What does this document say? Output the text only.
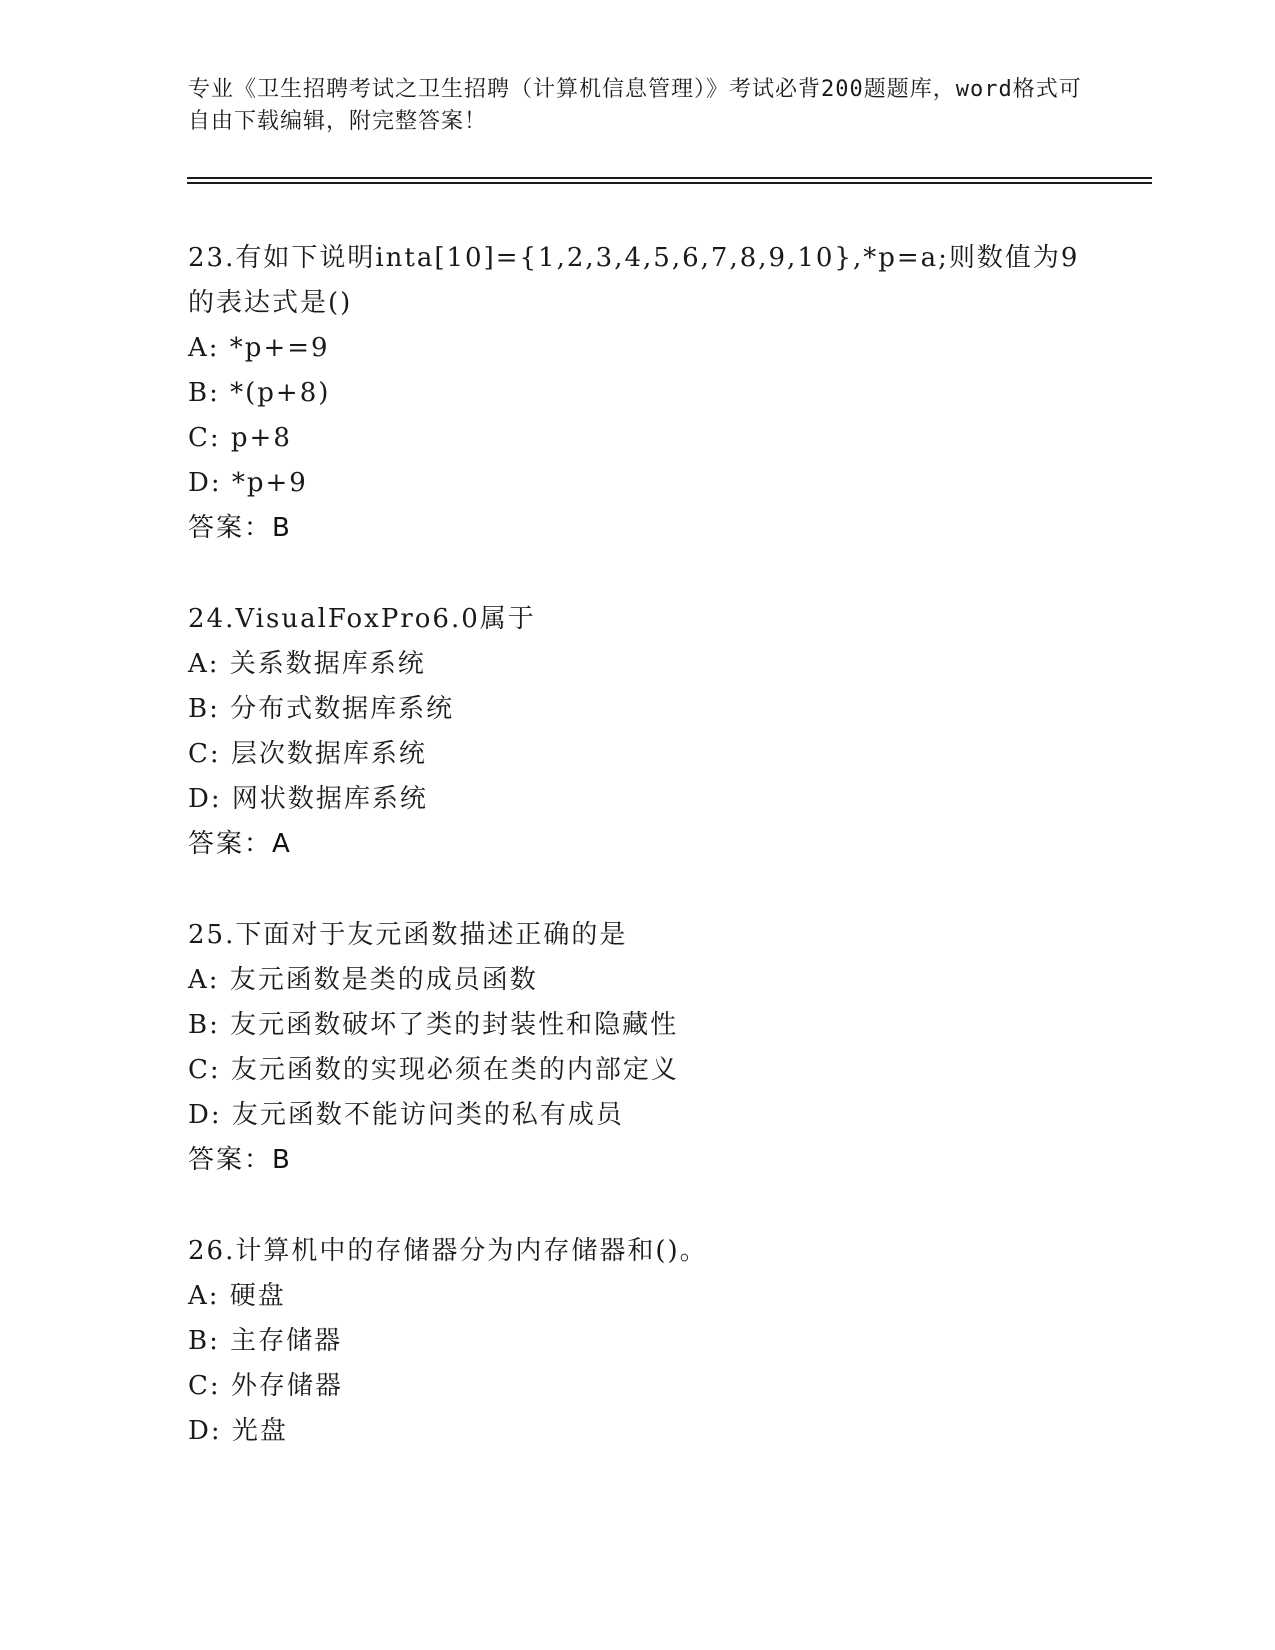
专业《卫生招聘考试之卫生招聘（计算机信息管理）》考试必背200题题库，word格式可自由下载编辑，附完整答案！
23.有如下说明inta[10]={1,2,3,4,5,6,7,8,9,10},*p=a;则数值为9的表达式是()
A: *p+=9
B: *(p+8)
C: p+8
D: *p+9
答案：B
24.VisualFoxPro6.0属于
A: 关系数据库系统
B: 分布式数据库系统
C: 层次数据库系统
D: 网状数据库系统
答案：A
25.下面对于友元函数描述正确的是
A: 友元函数是类的成员函数
B: 友元函数破坏了类的封装性和隐藏性
C: 友元函数的实现必须在类的内部定义
D: 友元函数不能访问类的私有成员
答案：B
26.计算机中的存储器分为内存储器和()。
A: 硬盘
B: 主存储器
C: 外存储器
D: 光盘
